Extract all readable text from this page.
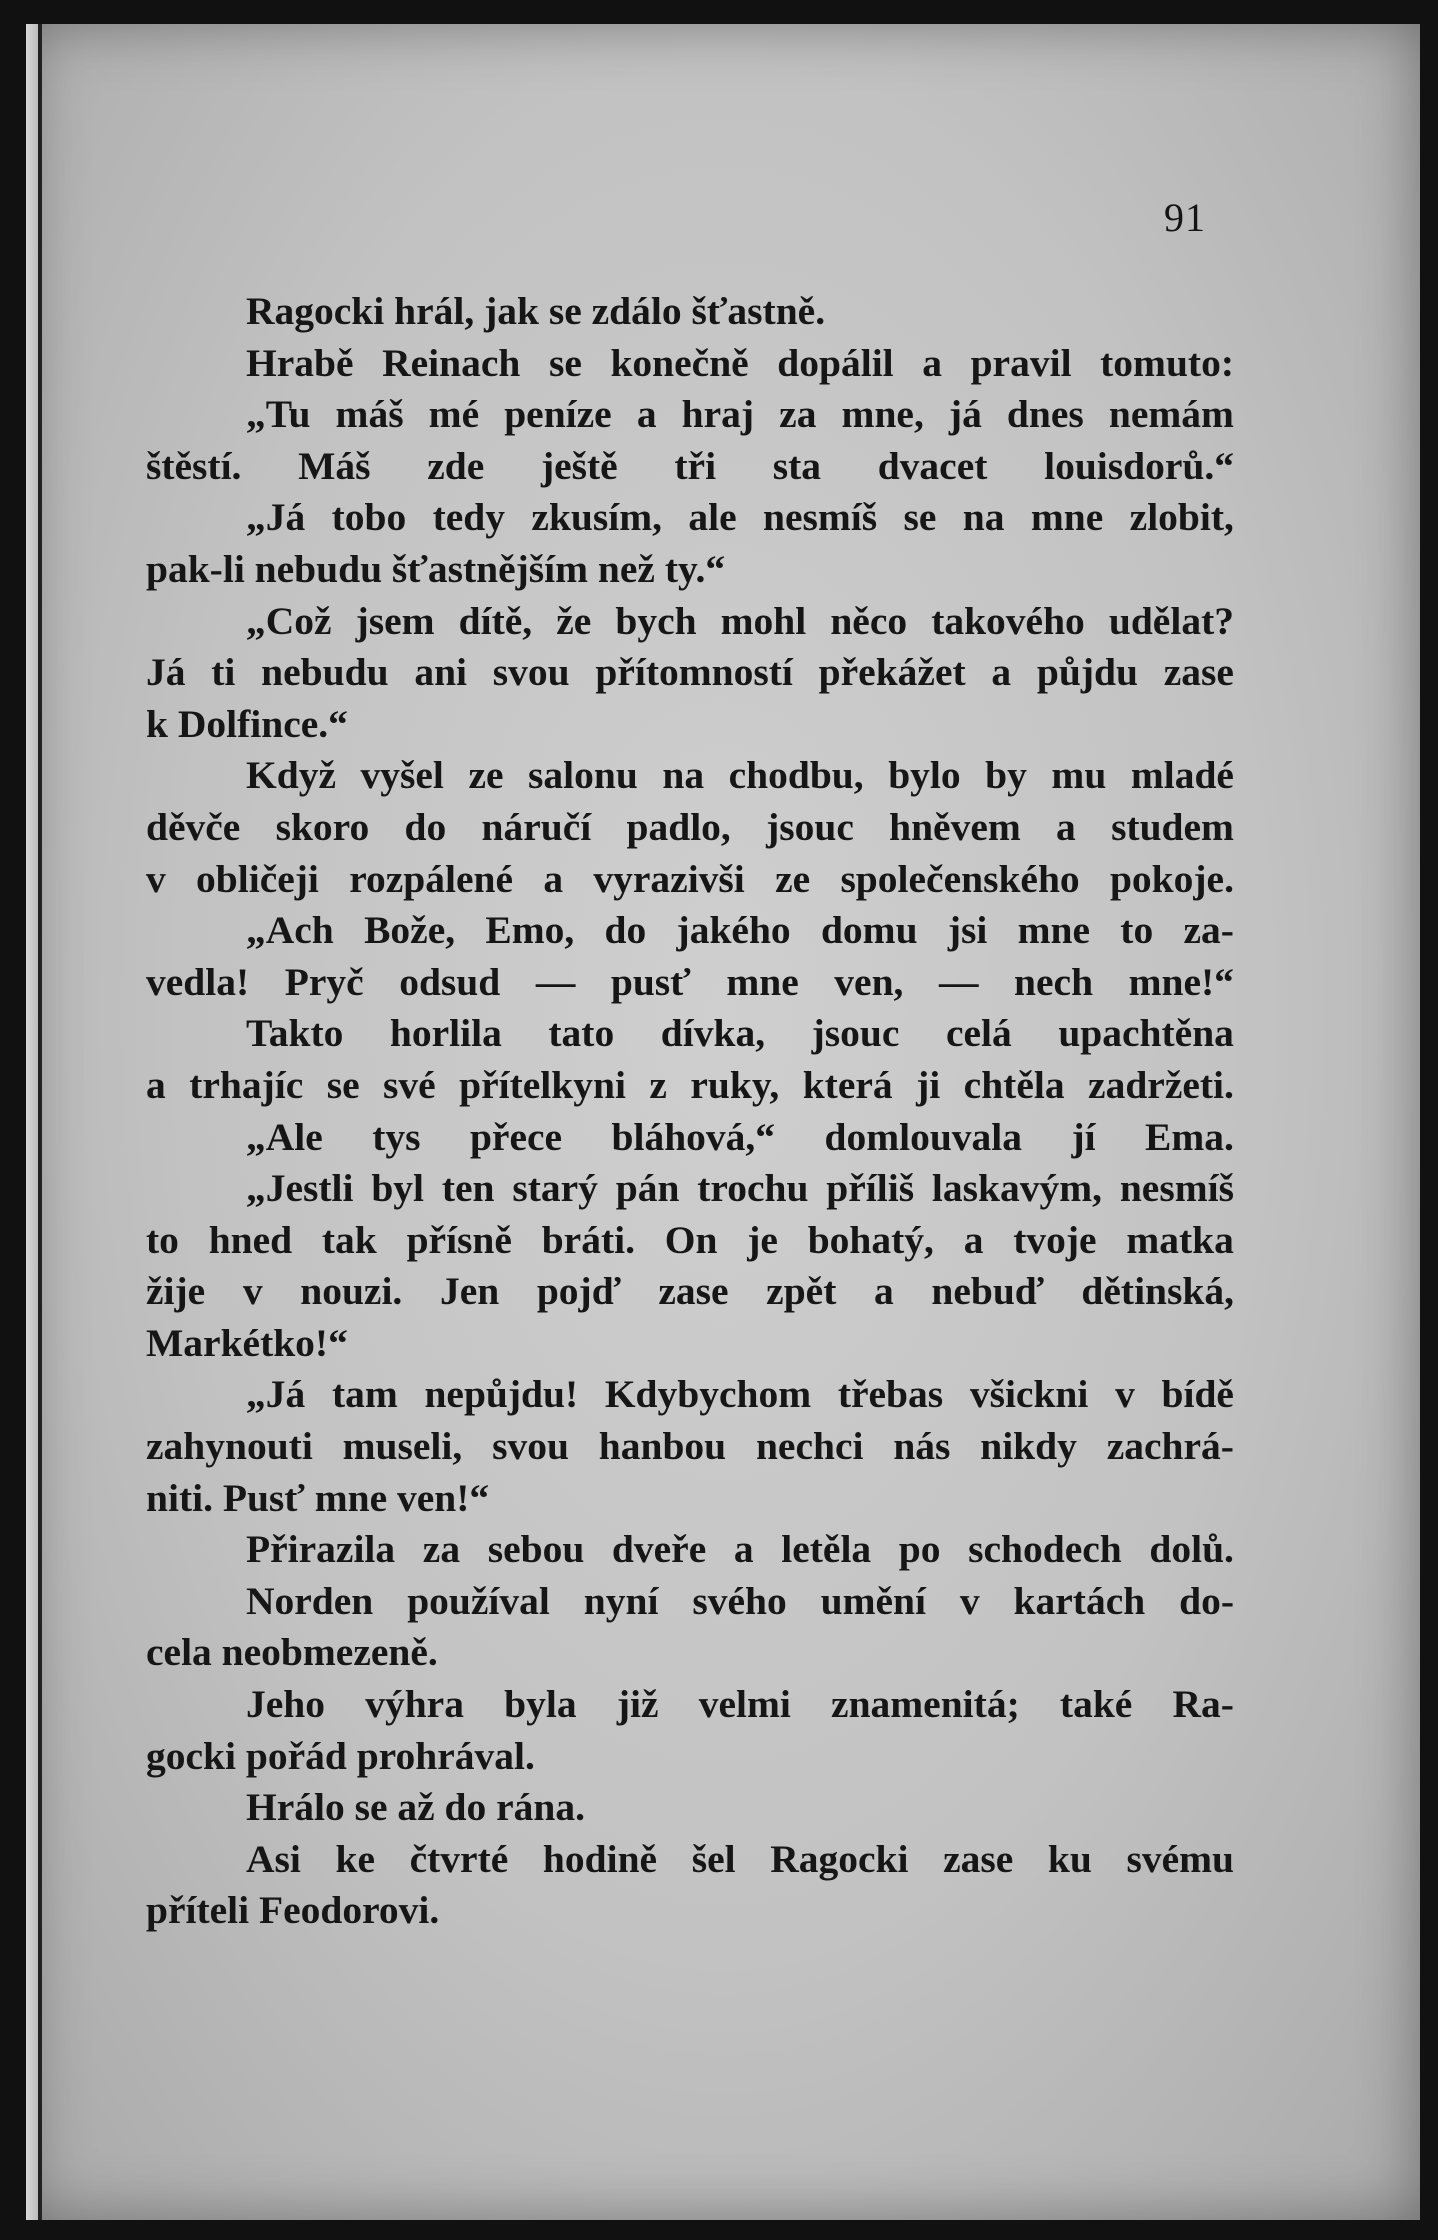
91
Ragocki hrál, jak se zdálo šťastně.
Hrabě Reinach se konečně dopálil a pravil tomuto:
„Tu máš mé peníze a hraj za mne, já dnes nemám
štěstí. Máš zde ještě tři sta dvacet louisdorů.“
„Já tobo tedy zkusím, ale nesmíš se na mne zlobit,
pak-li nebudu šťastnějším než ty.“
„Což jsem dítě, že bych mohl něco takového udělat?
Já ti nebudu ani svou přítomností překážet a půjdu zase
k Dolfince.“
Když vyšel ze salonu na chodbu, bylo by mu mladé
děvče skoro do náručí padlo, jsouc hněvem a studem
v obličeji rozpálené a vyrazivši ze společenského pokoje.
„Ach Bože, Emo, do jakého domu jsi mne to za-
vedla! Pryč odsud — pusť mne ven, — nech mne!“
Takto horlila tato dívka, jsouc celá upachtěna
a trhajíc se své přítelkyni z ruky, která ji chtěla zadržeti.
„Ale tys přece bláhová,“ domlouvala jí Ema.
„Jestli byl ten starý pán trochu příliš laskavým, nesmíš
to hned tak přísně bráti. On je bohatý, a tvoje matka
žije v nouzi. Jen pojď zase zpět a nebuď dětinská,
Markétko!“
„Já tam nepůjdu! Kdybychom třebas všickni v bídě
zahynouti museli, svou hanbou nechci nás nikdy zachrá-
niti. Pusť mne ven!“
Přirazila za sebou dveře a letěla po schodech dolů.
Norden používal nyní svého umění v kartách do-
cela neobmezeně.
Jeho výhra byla již velmi znamenitá; také Ra-
gocki pořád prohrával.
Hrálo se až do rána.
Asi ke čtvrté hodině šel Ragocki zase ku svému
příteli Feodorovi.
